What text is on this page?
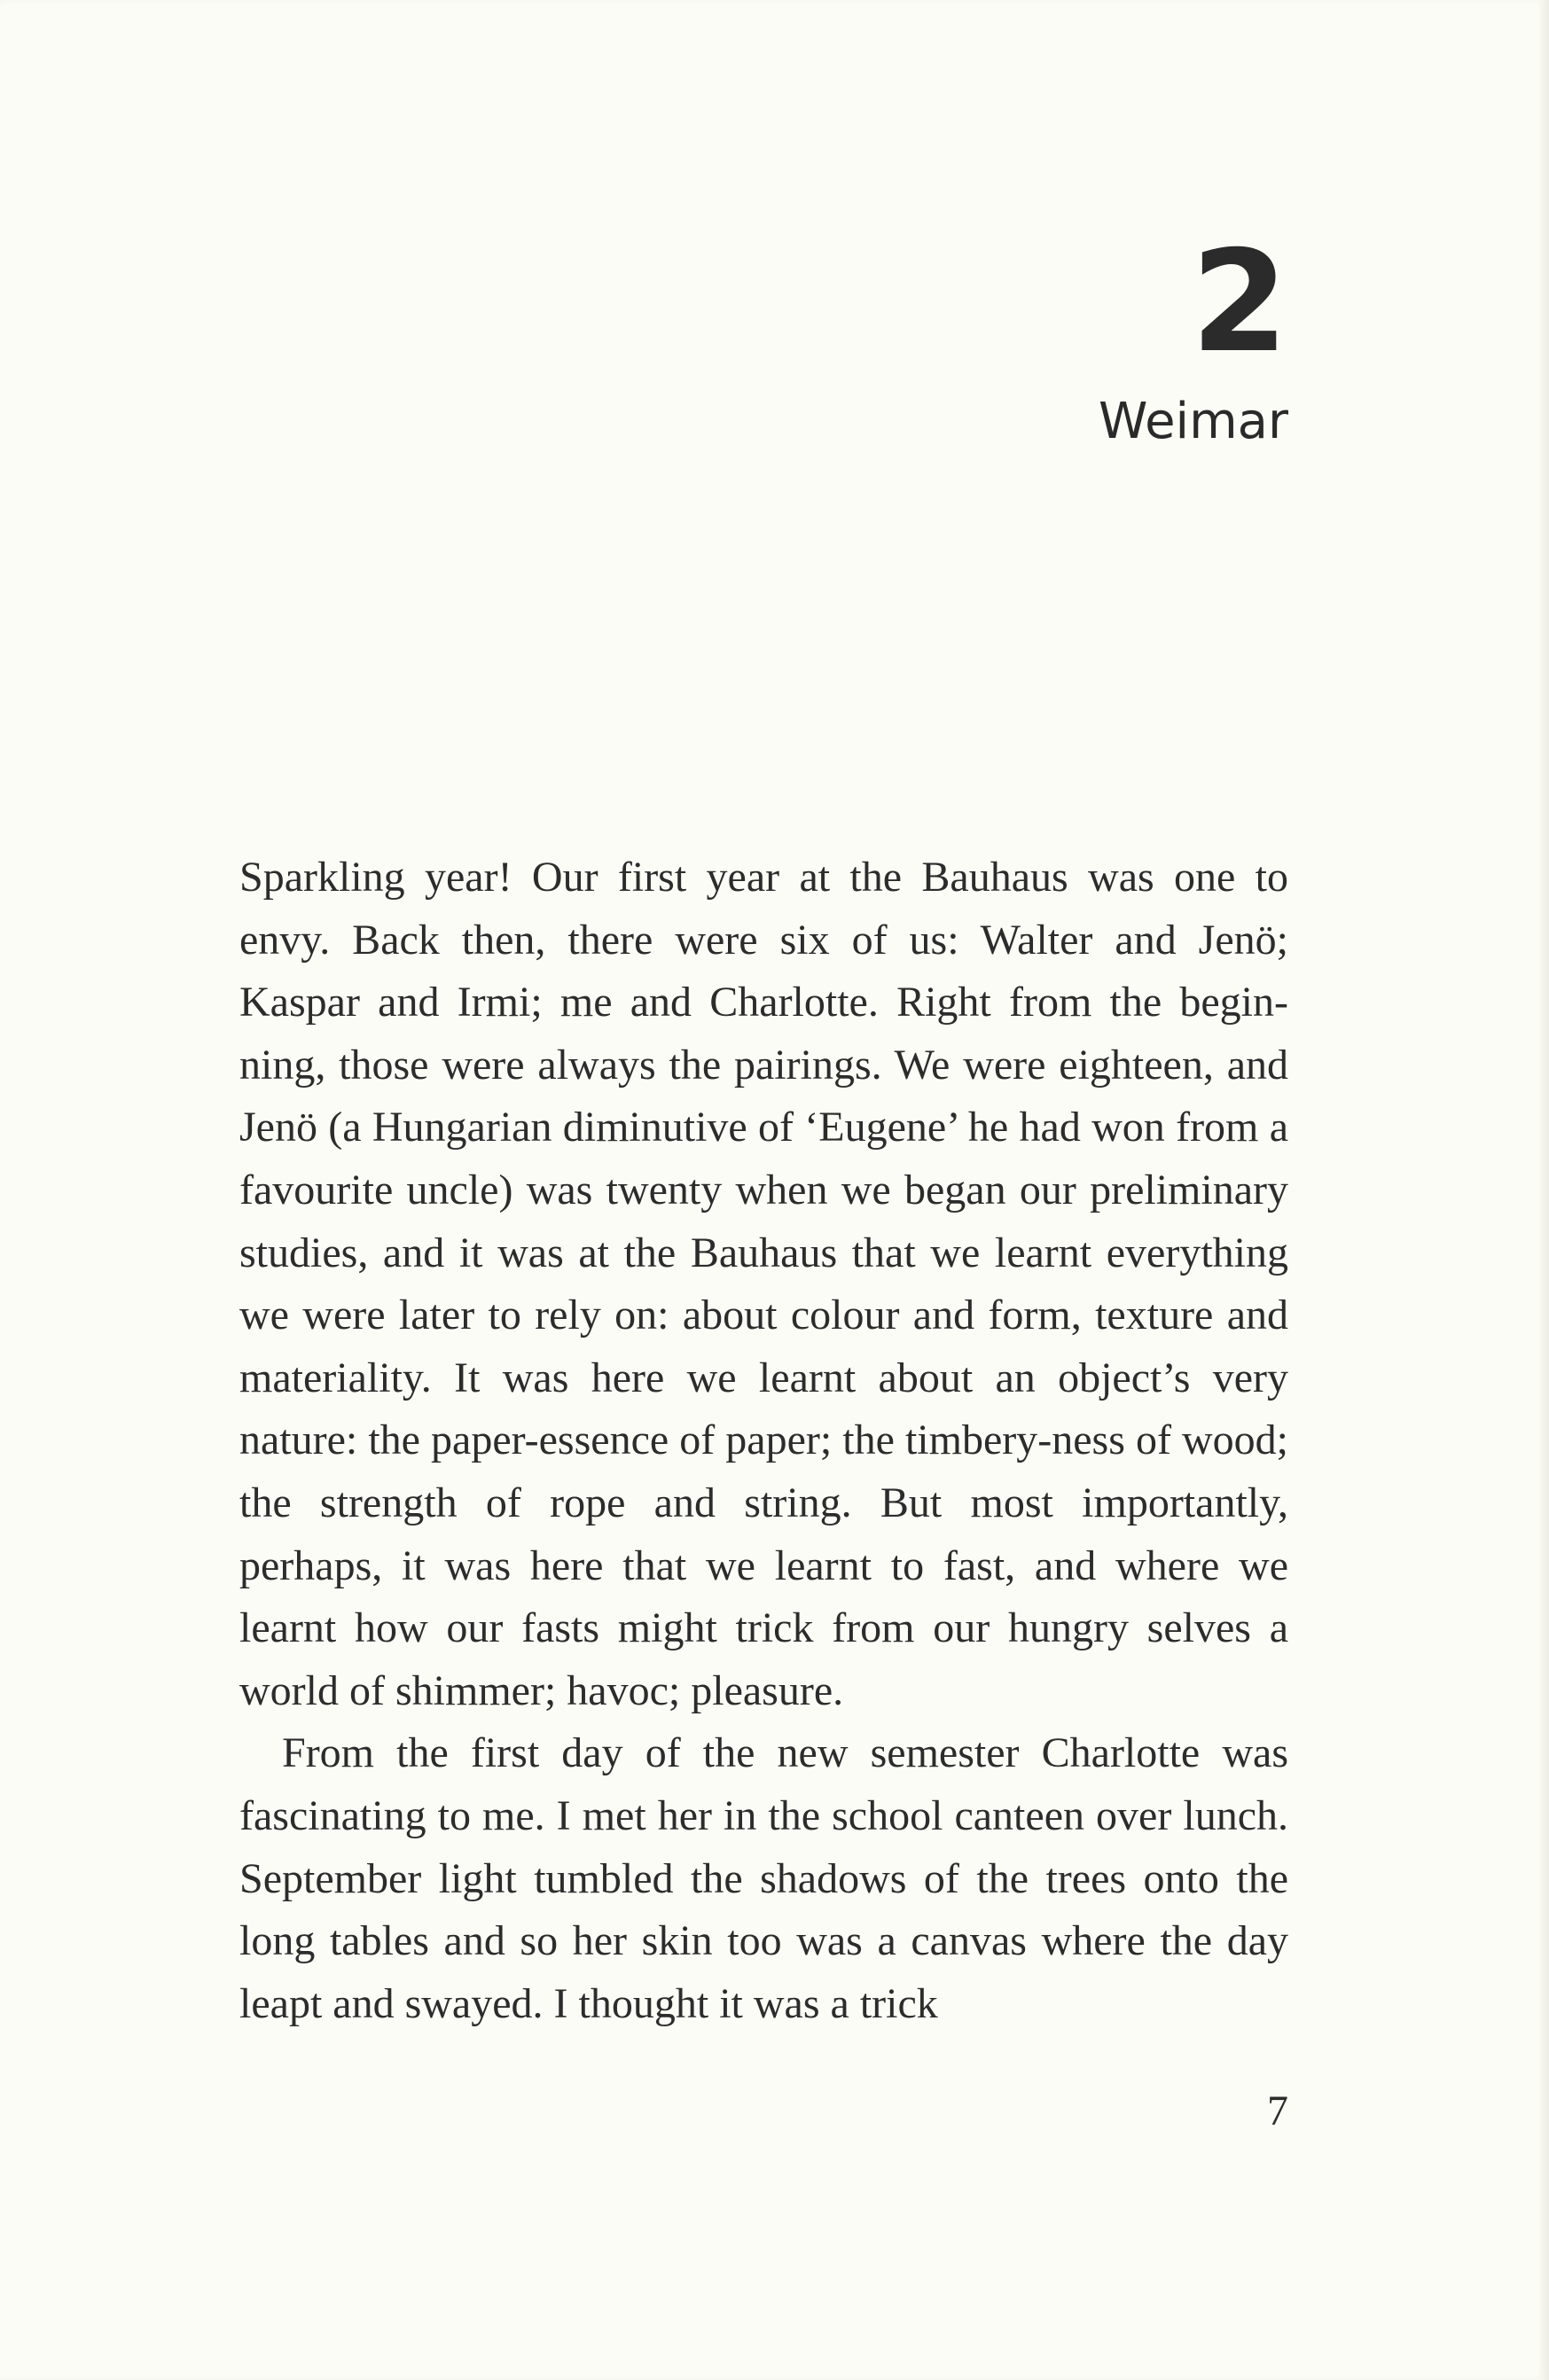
2
Weimar

Sparkling year! Our first year at the Bauhaus was one to envy. Back then, there were six of us: Walter and Jenö; Kaspar and Irmi; me and Charlotte. Right from the beginning, those were always the pairings. We were eighteen, and Jenö (a Hungarian diminutive of ‘Eugene’ he had won from a favourite uncle) was twenty when we began our preliminary studies, and it was at the Bauhaus that we learnt everything we were later to rely on: about colour and form, texture and materiality. It was here we learnt about an object’s very nature: the paper-essence of paper; the timbery-ness of wood; the strength of rope and string. But most importantly, perhaps, it was here that we learnt to fast, and where we learnt how our fasts might trick from our hungry selves a world of shimmer; havoc; pleasure.

From the first day of the new semester Charlotte was fascinating to me. I met her in the school canteen over lunch. September light tumbled the shadows of the trees onto the long tables and so her skin too was a canvas where the day leapt and swayed. I thought it was a trick

7
